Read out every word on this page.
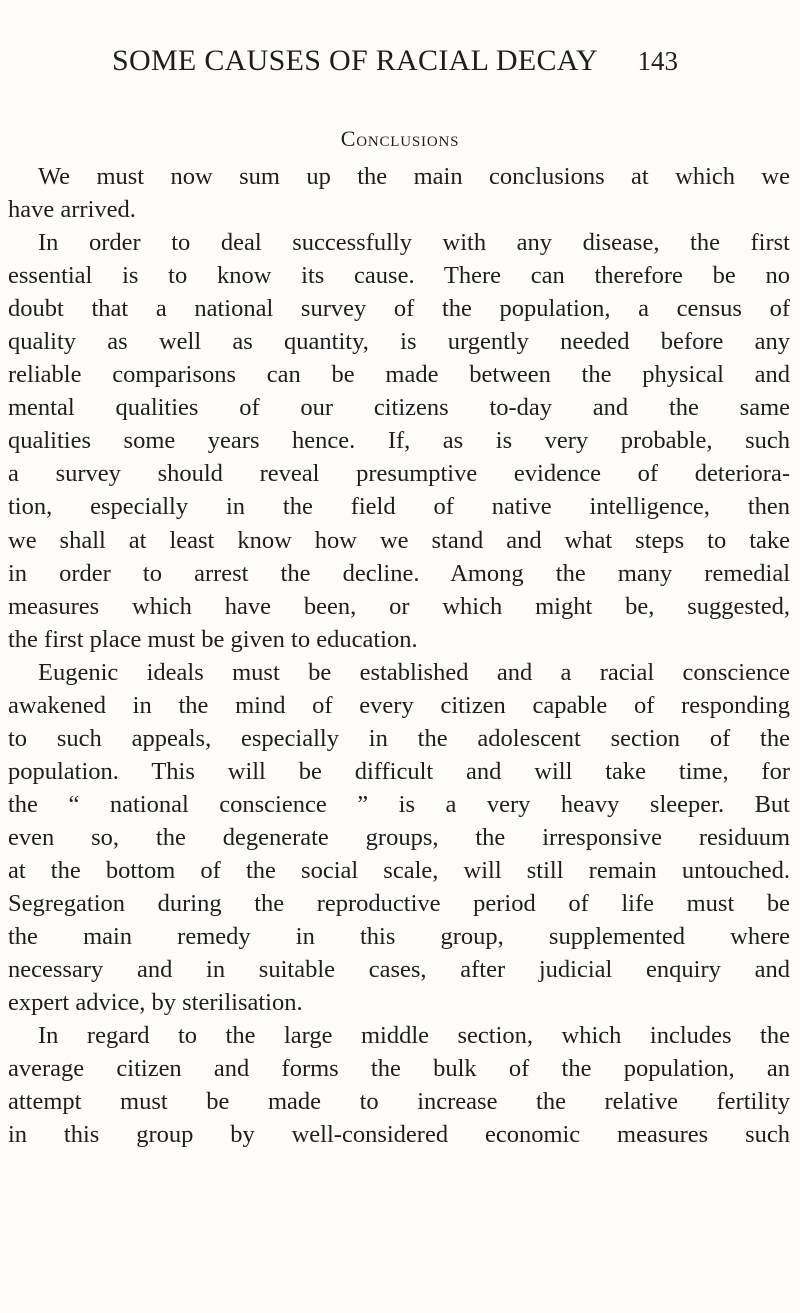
SOME CAUSES OF RACIAL DECAY 143
Conclusions
We must now sum up the main conclusions at which we
have arrived.
In order to deal successfully with any disease, the first
essential is to know its cause. There can therefore be no
doubt that a national survey of the population, a census of
quality as well as quantity, is urgently needed before any
reliable comparisons can be made between the physical and
mental qualities of our citizens to-day and the same
qualities some years hence. If, as is very probable, such
a survey should reveal presumptive evidence of deteriora-
tion, especially in the field of native intelligence, then
we shall at least know how we stand and what steps to take
in order to arrest the decline. Among the many remedial
measures which have been, or which might be, suggested,
the first place must be given to education.
Eugenic ideals must be established and a racial conscience
awakened in the mind of every citizen capable of responding
to such appeals, especially in the adolescent section of the
population. This will be difficult and will take time, for
the “ national conscience ” is a very heavy sleeper. But
even so, the degenerate groups, the irresponsive residuum
at the bottom of the social scale, will still remain untouched.
Segregation during the reproductive period of life must be
the main remedy in this group, supplemented where
necessary and in suitable cases, after judicial enquiry and
expert advice, by sterilisation.
In regard to the large middle section, which includes the
average citizen and forms the bulk of the population, an
attempt must be made to increase the relative fertility
in this group by well-considered economic measures such
